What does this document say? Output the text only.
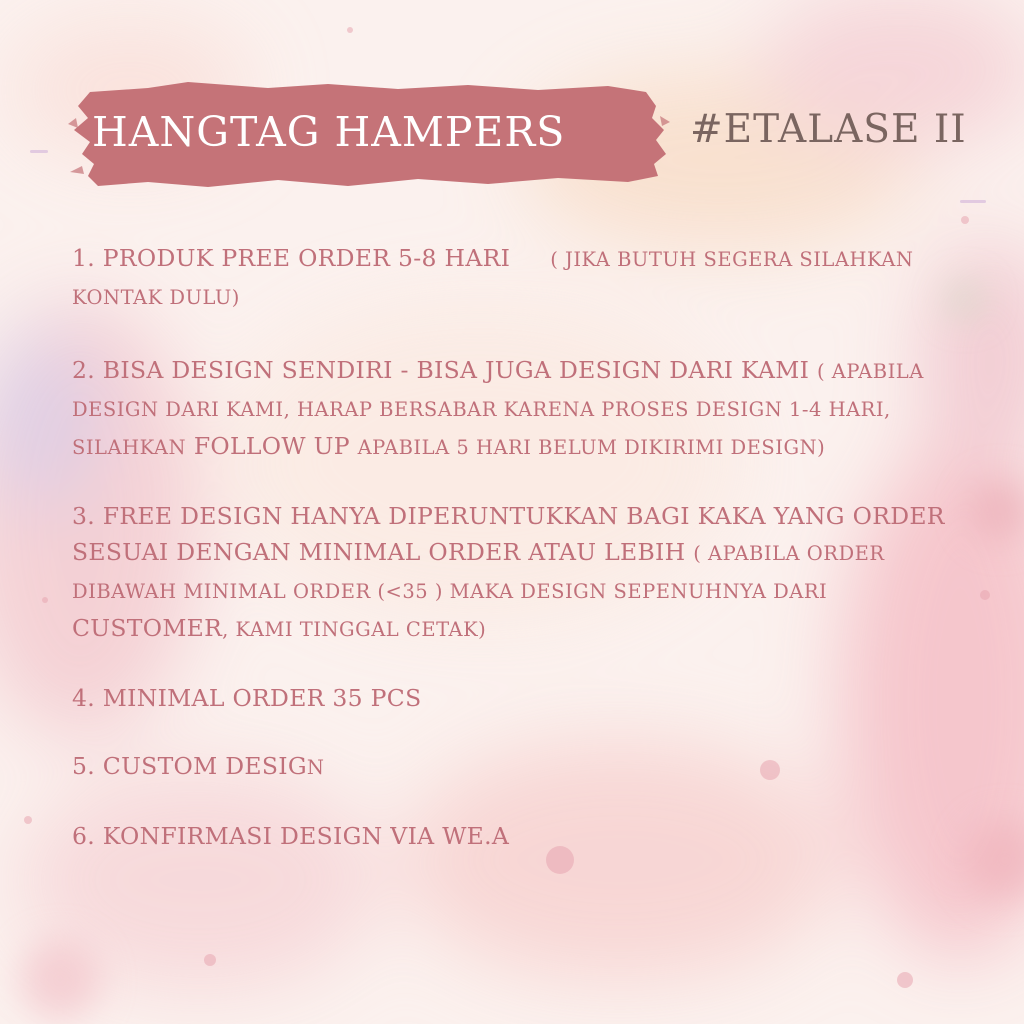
HANGTAG HAMPERS	#ETALASE II

1. PRODUK PREE ORDER 5-8 HARI ( JIKA BUTUH SEGERA SILAHKAN KONTAK DULU)

2. BISA DESIGN SENDIRI - BISA JUGA DESIGN DARI KAMI ( APABILA DESIGN DARI KAMI, HARAP BERSABAR KARENA PROSES DESIGN 1-4 HARI, SILAHKAN FOLLOW UP APABILA 5 HARI BELUM DIKIRIMI DESIGN)

3. FREE DESIGN HANYA DIPERUNTUKKAN BAGI KAKA YANG ORDER SESUAI DENGAN MINIMAL ORDER ATAU LEBIH ( APABILA ORDER DIBAWAH MINIMAL ORDER (<35 ) MAKA DESIGN SEPENUHNYA DARI CUSTOMER, KAMI TINGGAL CETAK)

4. MINIMAL ORDER 35 PCS

5. CUSTOM DESIGN

6. KONFIRMASI DESIGN VIA WE.A
